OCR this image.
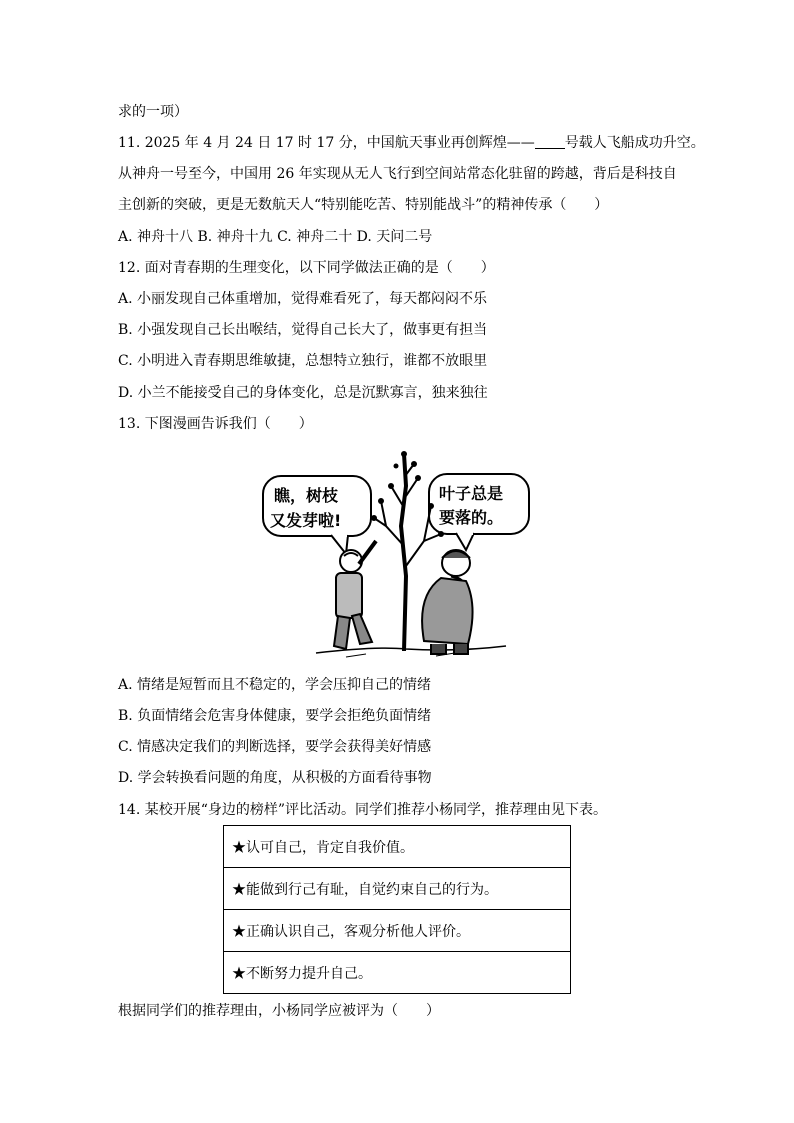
求的一项）
11. 2025 年 4 月 24 日 17 时 17 分，中国航天事业再创辉煌—— 号载人飞船成功升空。
从神舟一号至今，中国用 26 年实现从无人飞行到空间站常态化驻留的跨越，背后是科技自
主创新的突破，更是无数航天人“特别能吃苦、特别能战斗”的精神传承（　　）
A. 神舟十八 B. 神舟十九 C. 神舟二十 D. 天问二号
12. 面对青春期的生理变化，以下同学做法正确的是（　　）
A. 小丽发现自己体重增加，觉得难看死了，每天都闷闷不乐
B. 小强发现自己长出喉结，觉得自己长大了，做事更有担当
C. 小明进入青春期思维敏捷，总想特立独行，谁都不放眼里
D. 小兰不能接受自己的身体变化，总是沉默寡言，独来独往
13. 下图漫画告诉我们（　　）
瞧，树枝
又发芽啦!
叶子总是
要落的。
A. 情绪是短暂而且不稳定的，学会压抑自己的情绪
B. 负面情绪会危害身体健康，要学会拒绝负面情绪
C. 情感决定我们的判断选择，要学会获得美好情感
D. 学会转换看问题的角度，从积极的方面看待事物
14. 某校开展“身边的榜样”评比活动。同学们推荐小杨同学，推荐理由见下表。
★认可自己，肯定自我价值。
★能做到行己有耻，自觉约束自己的行为。
★正确认识自己，客观分析他人评价。
★不断努力提升自己。
根据同学们的推荐理由，小杨同学应被评为（　　）
